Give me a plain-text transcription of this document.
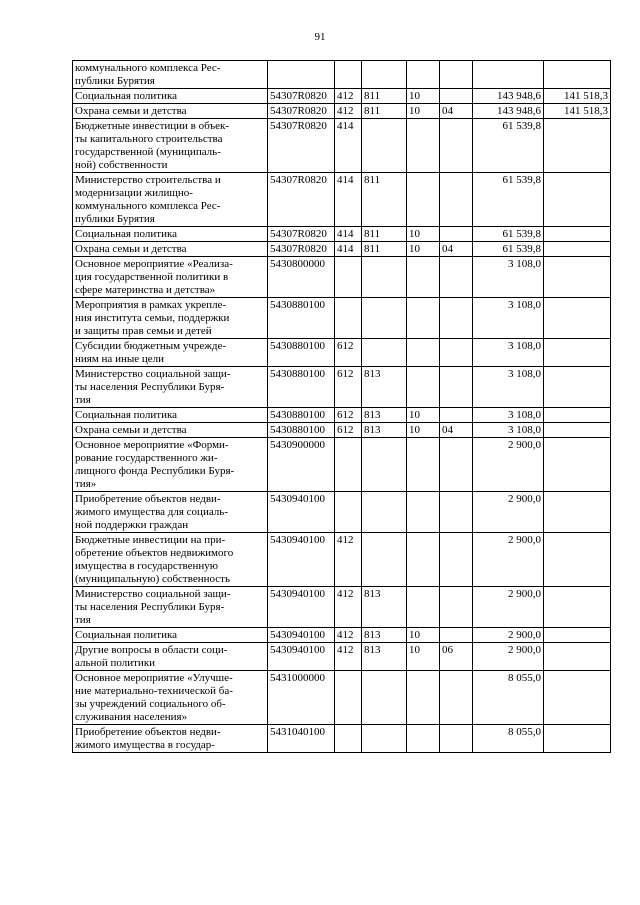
91
коммунального комплекса Рес-
публики Бурятия							
Социальная политика	54307R0820	412	811	10		143 948,6	141 518,3
Охрана семьи и детства	54307R0820	412	811	10	04	143 948,6	141 518,3
Бюджетные инвестиции в объек-
ты капитального строительства
государственной (муниципаль-
ной) собственности	54307R0820	414				61 539,8	
Министерство строительства и
модернизации жилищно-
коммунального комплекса Рес-
публики Бурятия	54307R0820	414	811			61 539,8	
Социальная политика	54307R0820	414	811	10		61 539,8	
Охрана семьи и детства	54307R0820	414	811	10	04	61 539,8	
Основное мероприятие «Реализа-
ция государственной политики в
сфере материнства и детства»	5430800000					3 108,0	
Мероприятия в рамках укрепле-
ния института семьи, поддержки
и защиты прав семьи и детей	5430880100					3 108,0	
Субсидии бюджетным учрежде-
ниям на иные цели	5430880100	612				3 108,0	
Министерство социальной защи-
ты населения Республики Буря-
тия	5430880100	612	813			3 108,0	
Социальная политика	5430880100	612	813	10		3 108,0	
Охрана семьи и детства	5430880100	612	813	10	04	3 108,0	
Основное мероприятие «Форми-
рование государственного жи-
лищного фонда Республики Буря-
тия»	5430900000					2 900,0	
Приобретение объектов недви-
жимого имущества для социаль-
ной поддержки граждан	5430940100					2 900,0	
Бюджетные инвестиции на при-
обретение объектов недвижимого
имущества в государственную
(муниципальную) собственность	5430940100	412				2 900,0	
Министерство социальной защи-
ты населения Республики Буря-
тия	5430940100	412	813			2 900,0	
Социальная политика	5430940100	412	813	10		2 900,0	
Другие вопросы в области соци-
альной политики	5430940100	412	813	10	06	2 900,0	
Основное мероприятие «Улучше-
ние материально-технической ба-
зы учреждений социального об-
служивания населения»	5431000000					8 055,0	
Приобретение объектов недви-
жимого имущества в государ-	5431040100					8 055,0	
